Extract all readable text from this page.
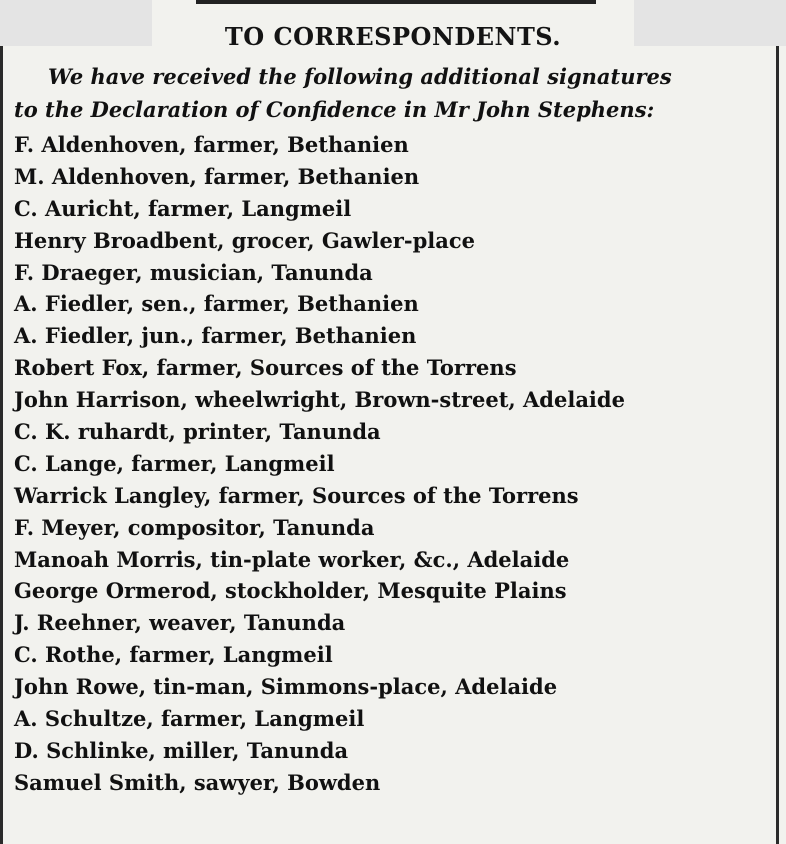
TO CORRESPONDENTS.
We have received the following additional signatures
to the Declaration of Confidence in Mr John Stephens:
F. Aldenhoven, farmer, Bethanien
M. Aldenhoven, farmer, Bethanien
C. Auricht, farmer, Langmeil
Henry Broadbent, grocer, Gawler-place
F. Draeger, musician, Tanunda
A. Fiedler, sen., farmer, Bethanien
A. Fiedler, jun., farmer, Bethanien
Robert Fox, farmer, Sources of the Torrens
John Harrison, wheelwright, Brown-street, Adelaide
C. K. ruhardt, printer, Tanunda
C. Lange, farmer, Langmeil
Warrick Langley, farmer, Sources of the Torrens
F. Meyer, compositor, Tanunda
Manoah Morris, tin-plate worker, &c., Adelaide
George Ormerod, stockholder, Mesquite Plains
J. Reehner, weaver, Tanunda
C. Rothe, farmer, Langmeil
John Rowe, tin-man, Simmons-place, Adelaide
A. Schultze, farmer, Langmeil
D. Schlinke, miller, Tanunda
Samuel Smith, sawyer, Bowden
